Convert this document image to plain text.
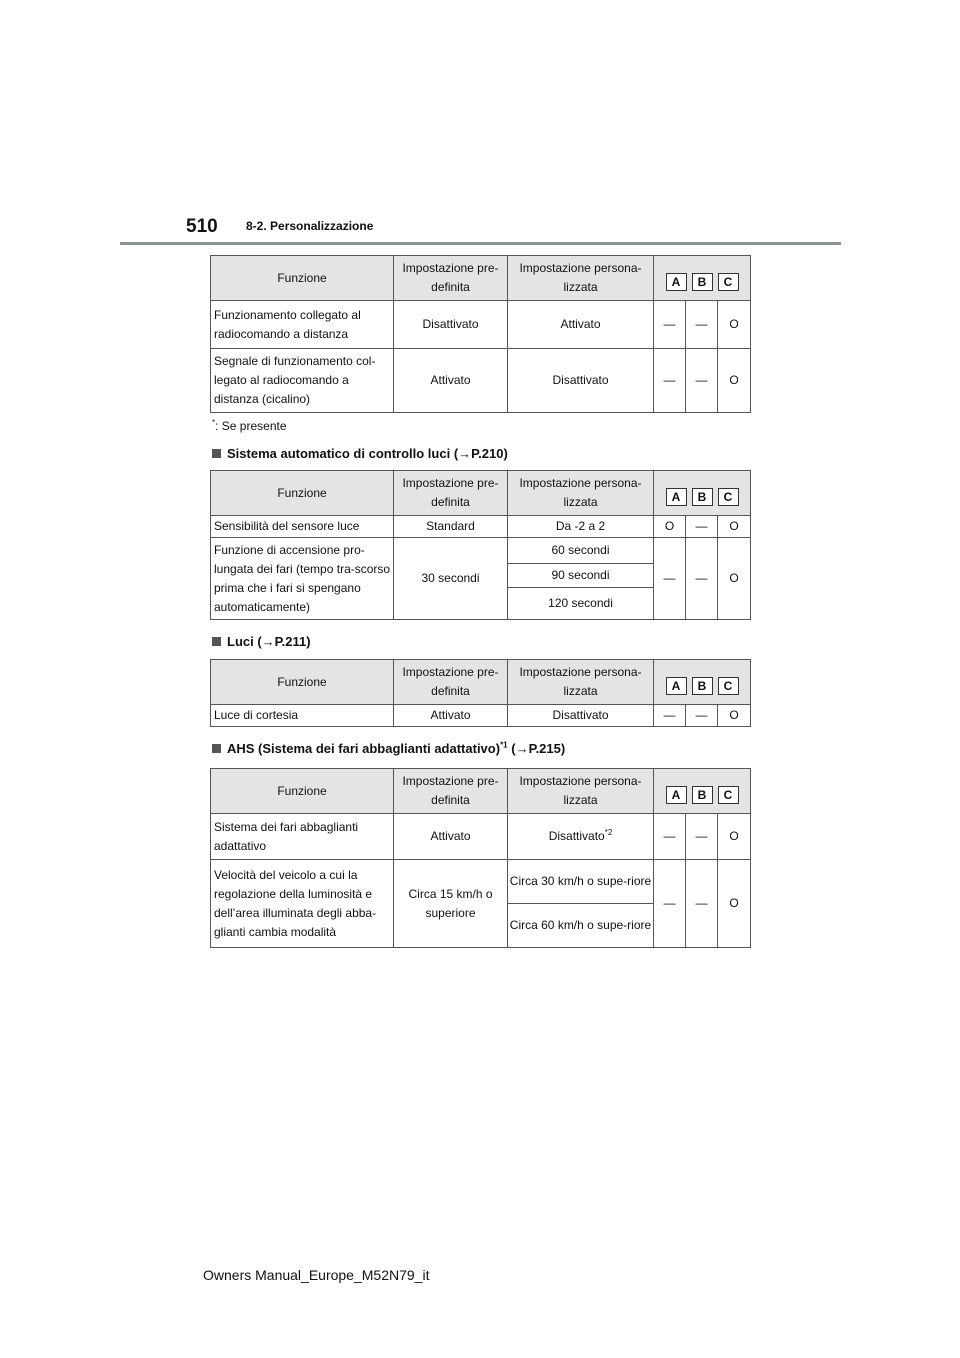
510 8-2. Personalizzazione
Funzione	Impostazione pre-definita	Impostazione persona-lizzata	A B C		

Funzionamento collegato al radiocomando a distanza	Disattivato	Attivato	—	—	O
Segnale di funzionamento col-legato al radiocomando a distanza (cicalino)	Attivato	Disattivato	—	—	O
*: Se presente
Sistema automatico di controllo luci (→P.210)
Funzione	Impostazione pre-definita	Impostazione persona-lizzata	A B C		

Sensibilità del sensore luce	Standard	Da -2 a 2	O	—	O
Funzione di accensione pro-lungata dei fari (tempo tra-scorso prima che i fari si spengano automaticamente)	30 secondi	60 secondi	—	—	O
		90 secondi			
		120 secondi			
Luci (→P.211)
Funzione	Impostazione pre-definita	Impostazione persona-lizzata	A B C		

Luce di cortesia	Attivato	Disattivato	—	—	O
AHS (Sistema dei fari abbaglianti adattativo)$^{*1}$ (→P.215)
Funzione	Impostazione pre-definita	Impostazione persona-lizzata	A B C		

Sistema dei fari abbaglianti adattativo	Attivato	Disattivato$^{*2}$	—	—	O
Velocità del veicolo a cui la regolazione della luminosità e dell’area illuminata degli abba-glianti cambia modalità	Circa 15 km/h o superiore	Circa 30 km/h o supe-riore	—	—	O
		Circa 60 km/h o supe-riore			
Owners Manual_Europe_M52N79_it
